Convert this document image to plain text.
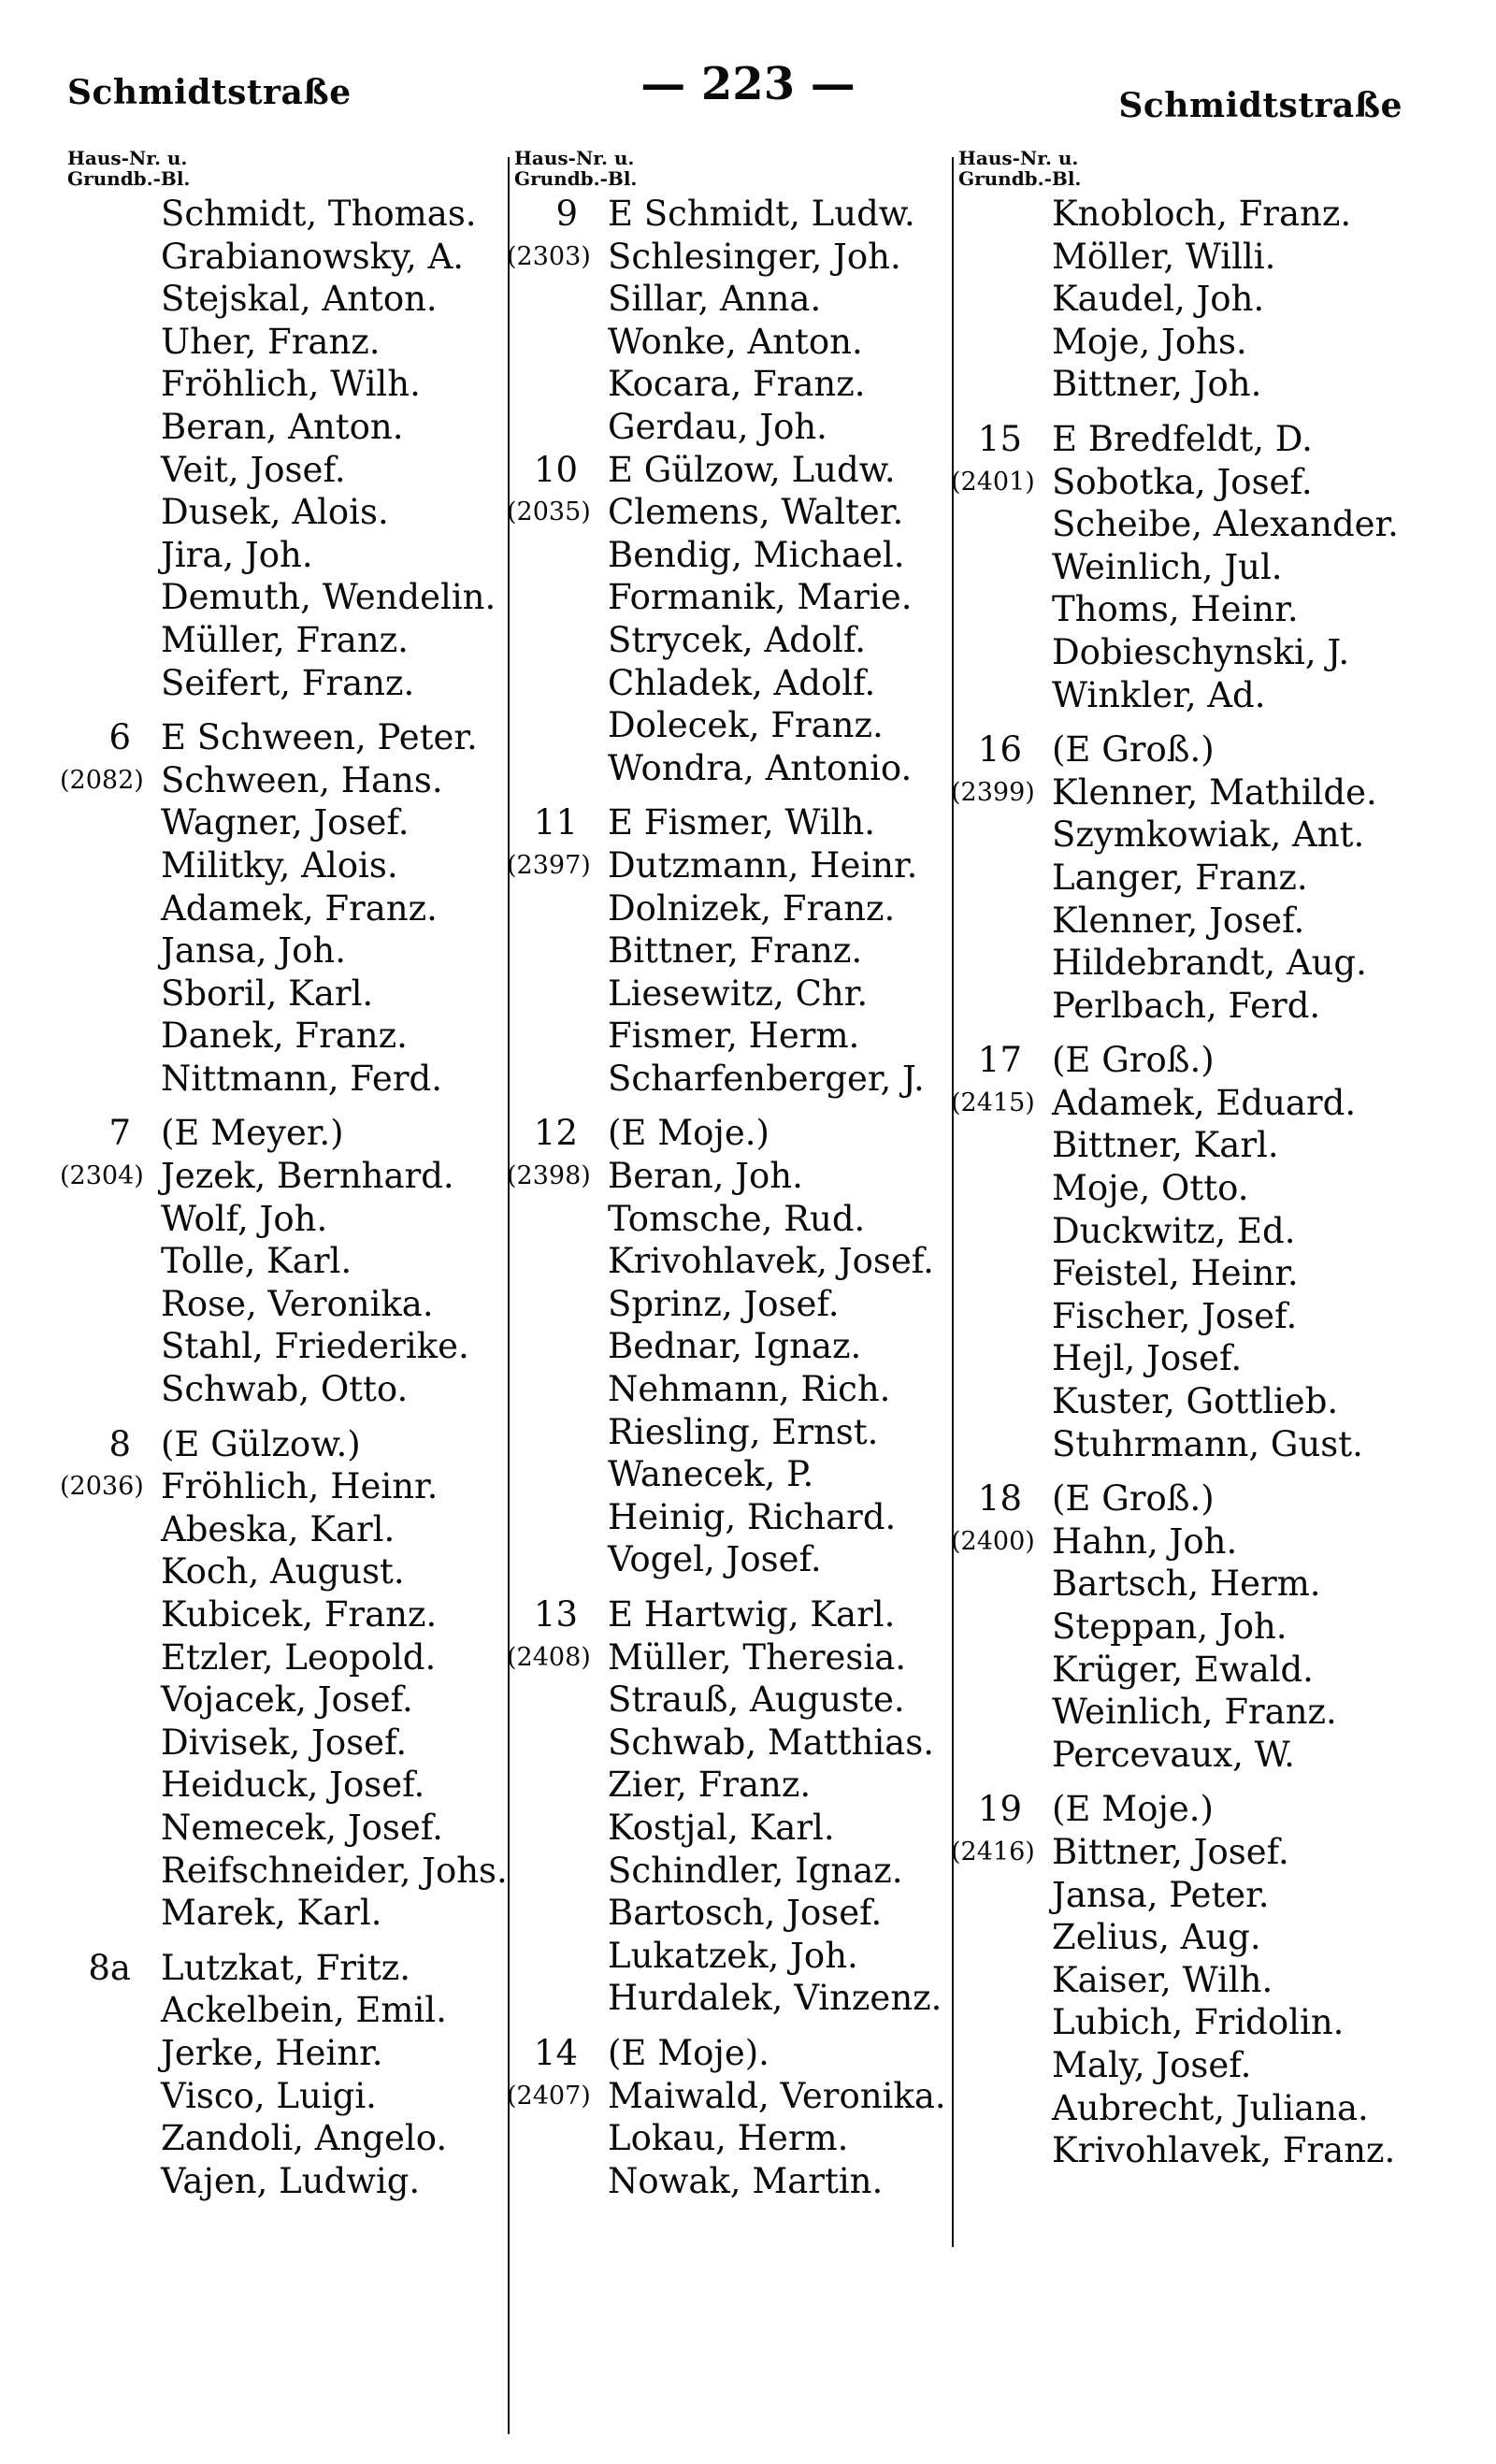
Schmidtstraße	— 223 —	Schmidtstraße
Haus-Nr. u.
Grundb.-Bl.
Schmidt, Thomas.
Grabianowsky, A.
Stejskal, Anton.
Uher, Franz.
Fröhlich, Wilh.
Beran, Anton.
Veit, Josef.
Dusek, Alois.
Jira, Joh.
Demuth, Wendelin.
Müller, Franz.
Seifert, Franz.
6 E Schween, Peter.
(2082) Schween, Hans.
Wagner, Josef.
Militky, Alois.
Adamek, Franz.
Jansa, Joh.
Sboril, Karl.
Danek, Franz.
Nittmann, Ferd.
7 (E Meyer.)
(2304) Jezek, Bernhard.
Wolf, Joh.
Tolle, Karl.
Rose, Veronika.
Stahl, Friederike.
Schwab, Otto.
8 (E Gülzow.)
(2036) Fröhlich, Heinr.
Abeska, Karl.
Koch, August.
Kubicek, Franz.
Etzler, Leopold.
Vojacek, Josef.
Divisek, Josef.
Heiduck, Josef.
Nemecek, Josef.
Reifschneider, Johs.
Marek, Karl.
8a Lutzkat, Fritz.
Ackelbein, Emil.
Jerke, Heinr.
Visco, Luigi.
Zandoli, Angelo.
Vajen, Ludwig.
Haus-Nr. u.
Grundb.-Bl.
9 E Schmidt, Ludw.
(2303) Schlesinger, Joh.
Sillar, Anna.
Wonke, Anton.
Kocara, Franz.
Gerdau, Joh.
10 E Gülzow, Ludw.
(2035) Clemens, Walter.
Bendig, Michael.
Formanik, Marie.
Strycek, Adolf.
Chladek, Adolf.
Dolecek, Franz.
Wondra, Antonio.
11 E Fismer, Wilh.
(2397) Dutzmann, Heinr.
Dolnizek, Franz.
Bittner, Franz.
Liesewitz, Chr.
Fismer, Herm.
Scharfenberger, J.
12 (E Moje.)
(2398) Beran, Joh.
Tomsche, Rud.
Krivohlavek, Josef.
Sprinz, Josef.
Bednar, Ignaz.
Nehmann, Rich.
Riesling, Ernst.
Wanecek, P.
Heinig, Richard.
Vogel, Josef.
13 E Hartwig, Karl.
(2408) Müller, Theresia.
Strauß, Auguste.
Schwab, Matthias.
Zier, Franz.
Kostjal, Karl.
Schindler, Ignaz.
Bartosch, Josef.
Lukatzek, Joh.
Hurdalek, Vinzenz.
14 (E Moje).
(2407) Maiwald, Veronika.
Lokau, Herm.
Nowak, Martin.
Haus-Nr. u.
Grundb.-Bl.
Knobloch, Franz.
Möller, Willi.
Kaudel, Joh.
Moje, Johs.
Bittner, Joh.
15 E Bredfeldt, D.
(2401) Sobotka, Josef.
Scheibe, Alexander.
Weinlich, Jul.
Thoms, Heinr.
Dobieschynski, J.
Winkler, Ad.
16 (E Groß.)
(2399) Klenner, Mathilde.
Szymkowiak, Ant.
Langer, Franz.
Klenner, Josef.
Hildebrandt, Aug.
Perlbach, Ferd.
17 (E Groß.)
(2415) Adamek, Eduard.
Bittner, Karl.
Moje, Otto.
Duckwitz, Ed.
Feistel, Heinr.
Fischer, Josef.
Hejl, Josef.
Kuster, Gottlieb.
Stuhrmann, Gust.
18 (E Groß.)
(2400) Hahn, Joh.
Bartsch, Herm.
Steppan, Joh.
Krüger, Ewald.
Weinlich, Franz.
Percevaux, W.
19 (E Moje.)
(2416) Bittner, Josef.
Jansa, Peter.
Zelius, Aug.
Kaiser, Wilh.
Lubich, Fridolin.
Maly, Josef.
Aubrecht, Juliana.
Krivohlavek, Franz.
